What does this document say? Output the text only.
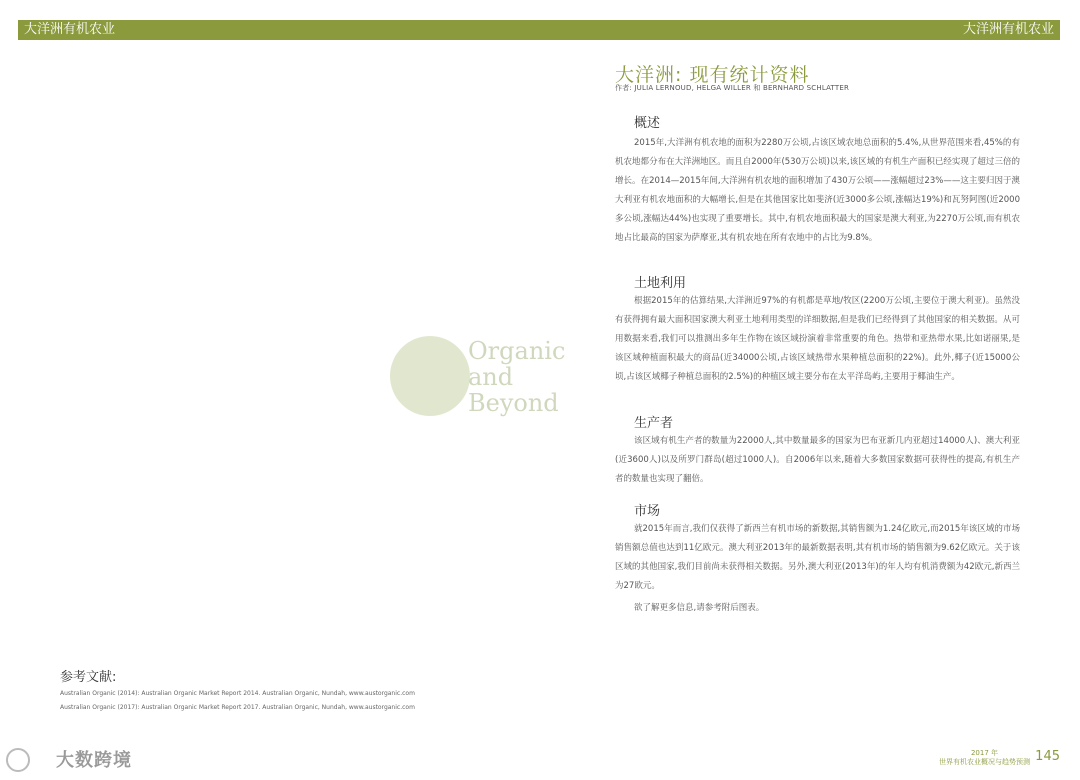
大洋洲有机农业	大洋洲有机农业
Organic
and
Beyond
大洋洲: 现有统计资料
作者: JULIA LERNOUD, HELGA WILLER 和 BERNHARD SCHLATTER
概述
2015年,大洋洲有机农地的面积为2280万公顷,占该区域农地总面积的5.4%,从世界范围来看,45%的有机农地都分布在大洋洲地区。而且自2000年(530万公顷)以来,该区域的有机生产面积已经实现了超过三倍的增长。在2014—2015年间,大洋洲有机农地的面积增加了430万公顷——涨幅超过23%——这主要归因于澳大利亚有机农地面积的大幅增长,但是在其他国家比如斐济(近3000多公顷,涨幅达19%)和瓦努阿图(近2000多公顷,涨幅达44%)也实现了重要增长。其中,有机农地面积最大的国家是澳大利亚,为2270万公顷,而有机农地占比最高的国家为萨摩亚,其有机农地在所有农地中的占比为9.8%。
土地利用
根据2015年的估算结果,大洋洲近97%的有机都是草地/牧区(2200万公顷,主要位于澳大利亚)。虽然没有获得拥有最大面积国家澳大利亚土地利用类型的详细数据,但是我们已经得到了其他国家的相关数据。从可用数据来看,我们可以推测出多年生作物在该区域扮演着非常重要的角色。热带和亚热带水果,比如诺丽果,是该区域种植面积最大的商品(近34000公顷,占该区域热带水果种植总面积的22%)。此外,椰子(近15000公顷,占该区域椰子种植总面积的2.5%)的种植区域主要分布在太平洋岛屿,主要用于椰油生产。
生产者
该区域有机生产者的数量为22000人,其中数量最多的国家为巴布亚新几内亚超过14000人)、澳大利亚(近3600人)以及所罗门群岛(超过1000人)。自2006年以来,随着大多数国家数据可获得性的提高,有机生产者的数量也实现了翻倍。
市场
就2015年而言,我们仅获得了新西兰有机市场的新数据,其销售额为1.24亿欧元,而2015年该区域的市场销售额总值也达到11亿欧元。澳大利亚2013年的最新数据表明,其有机市场的销售额为9.62亿欧元。关于该区域的其他国家,我们目前尚未获得相关数据。另外,澳大利亚(2013年)的年人均有机消费额为42欧元,新西兰为27欧元。
欲了解更多信息,请参考附后图表。
参考文献:
Australian Organic (2014): Australian Organic Market Report 2014. Australian Organic, Nundah, www.austorganic.com
Australian Organic (2017): Australian Organic Market Report 2017. Australian Organic, Nundah, www.austorganic.com
大数跨境	2017 年
世界有机农业概况与趋势预测 145
